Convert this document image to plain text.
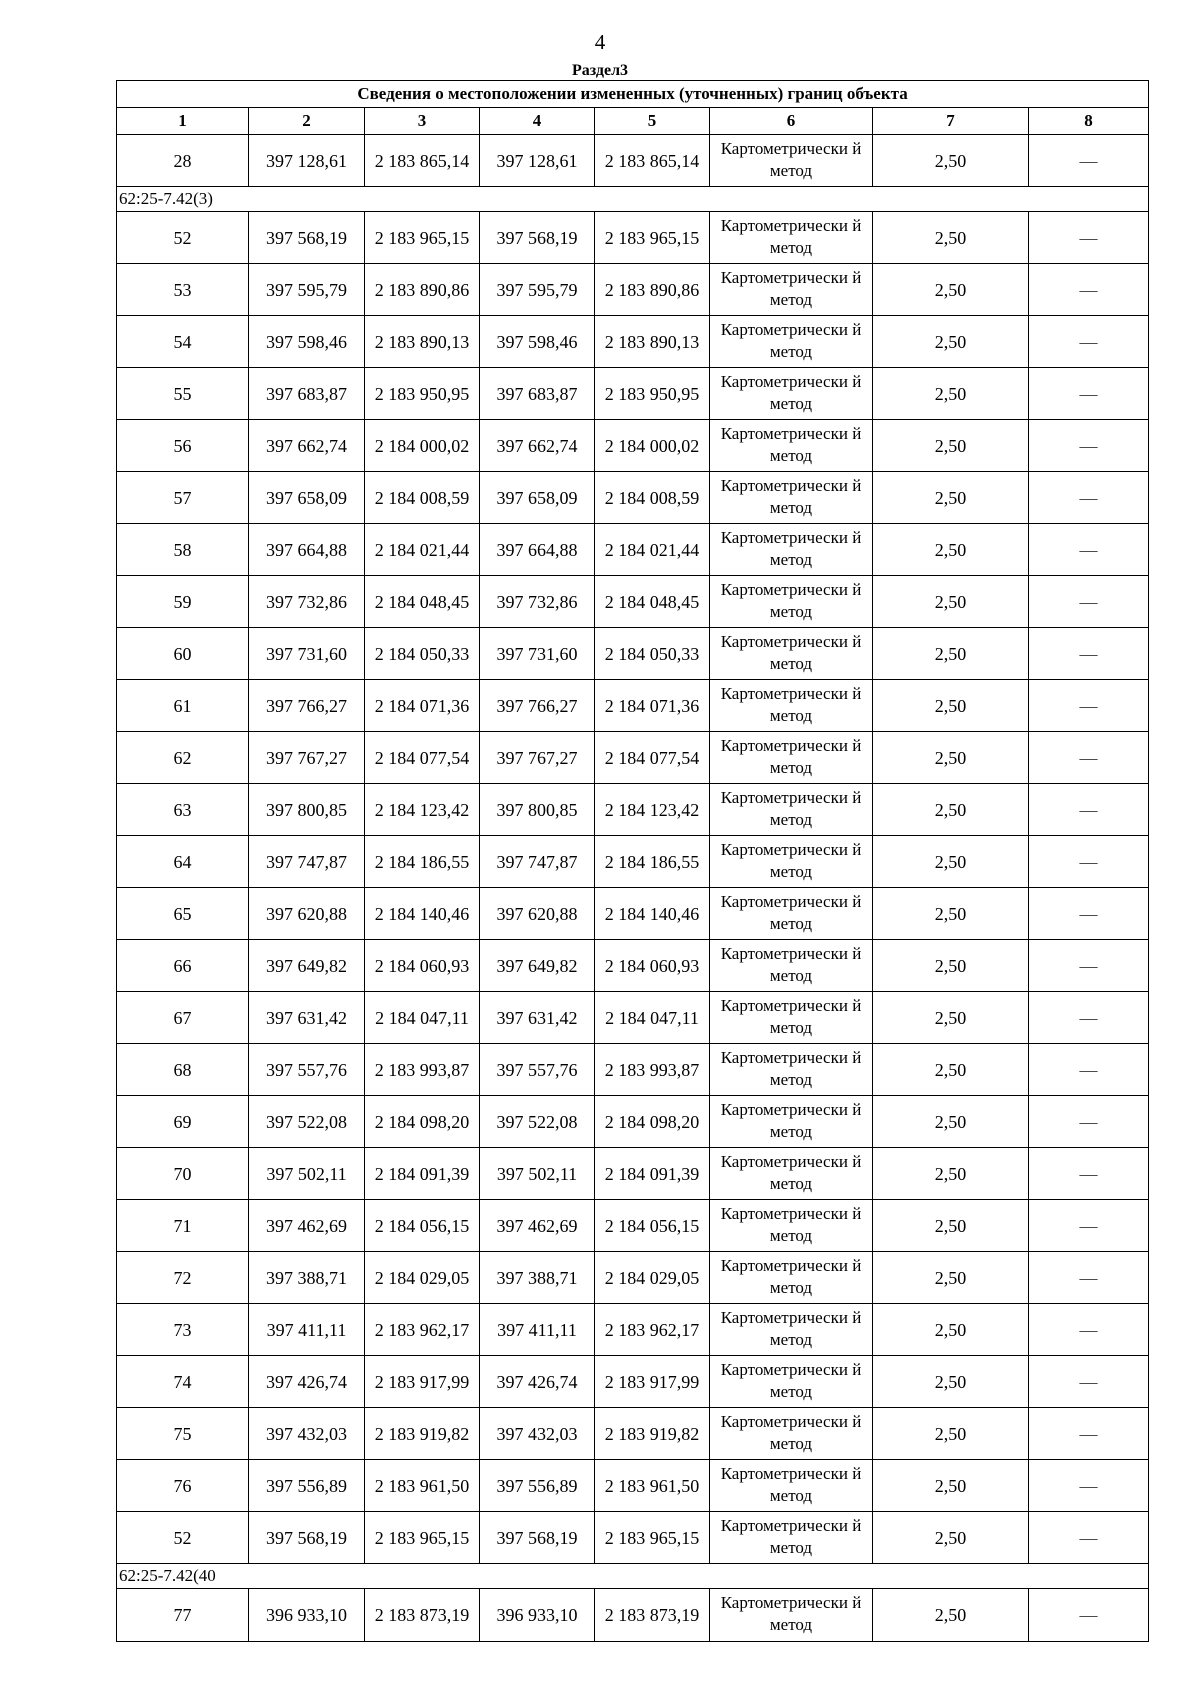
4
Раздел3
Сведения о местоположении измененных (уточненных) границ объекта							
1	2	3	4	5	6	7	8
28	397 128,61	2 183 865,14	397 128,61	2 183 865,14	Картометрически й метод	2,50	—
62:25-7.42(3)							
52	397 568,19	2 183 965,15	397 568,19	2 183 965,15	Картометрически й метод	2,50	—
53	397 595,79	2 183 890,86	397 595,79	2 183 890,86	Картометрически й метод	2,50	—
54	397 598,46	2 183 890,13	397 598,46	2 183 890,13	Картометрически й метод	2,50	—
55	397 683,87	2 183 950,95	397 683,87	2 183 950,95	Картометрически й метод	2,50	—
56	397 662,74	2 184 000,02	397 662,74	2 184 000,02	Картометрически й метод	2,50	—
57	397 658,09	2 184 008,59	397 658,09	2 184 008,59	Картометрически й метод	2,50	—
58	397 664,88	2 184 021,44	397 664,88	2 184 021,44	Картометрически й метод	2,50	—
59	397 732,86	2 184 048,45	397 732,86	2 184 048,45	Картометрически й метод	2,50	—
60	397 731,60	2 184 050,33	397 731,60	2 184 050,33	Картометрически й метод	2,50	—
61	397 766,27	2 184 071,36	397 766,27	2 184 071,36	Картометрически й метод	2,50	—
62	397 767,27	2 184 077,54	397 767,27	2 184 077,54	Картометрически й метод	2,50	—
63	397 800,85	2 184 123,42	397 800,85	2 184 123,42	Картометрически й метод	2,50	—
64	397 747,87	2 184 186,55	397 747,87	2 184 186,55	Картометрически й метод	2,50	—
65	397 620,88	2 184 140,46	397 620,88	2 184 140,46	Картометрически й метод	2,50	—
66	397 649,82	2 184 060,93	397 649,82	2 184 060,93	Картометрически й метод	2,50	—
67	397 631,42	2 184 047,11	397 631,42	2 184 047,11	Картометрически й метод	2,50	—
68	397 557,76	2 183 993,87	397 557,76	2 183 993,87	Картометрически й метод	2,50	—
69	397 522,08	2 184 098,20	397 522,08	2 184 098,20	Картометрически й метод	2,50	—
70	397 502,11	2 184 091,39	397 502,11	2 184 091,39	Картометрически й метод	2,50	—
71	397 462,69	2 184 056,15	397 462,69	2 184 056,15	Картометрически й метод	2,50	—
72	397 388,71	2 184 029,05	397 388,71	2 184 029,05	Картометрически й метод	2,50	—
73	397 411,11	2 183 962,17	397 411,11	2 183 962,17	Картометрически й метод	2,50	—
74	397 426,74	2 183 917,99	397 426,74	2 183 917,99	Картометрически й метод	2,50	—
75	397 432,03	2 183 919,82	397 432,03	2 183 919,82	Картометрически й метод	2,50	—
76	397 556,89	2 183 961,50	397 556,89	2 183 961,50	Картометрически й метод	2,50	—
52	397 568,19	2 183 965,15	397 568,19	2 183 965,15	Картометрически й метод	2,50	—
62:25-7.42(40							
77	396 933,10	2 183 873,19	396 933,10	2 183 873,19	Картометрически й метод	2,50	—
